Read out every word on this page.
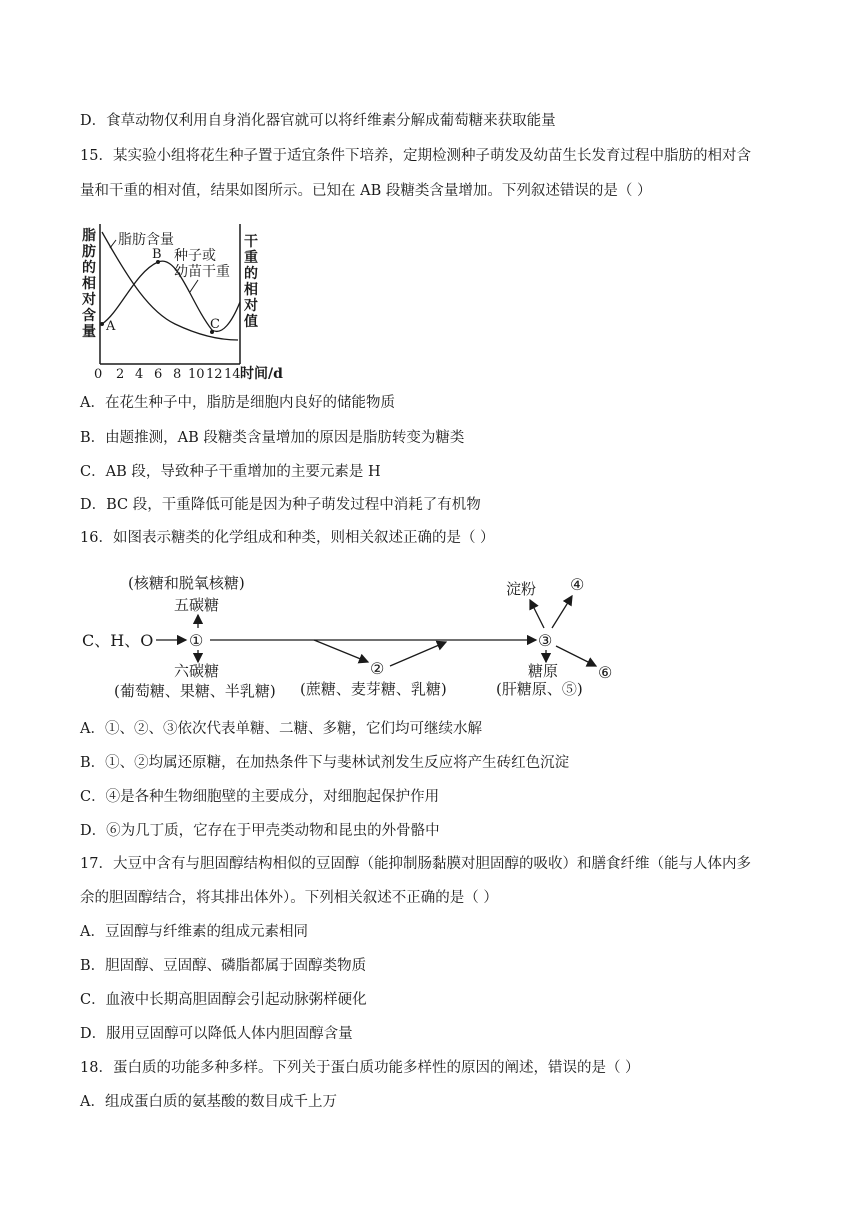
D．食草动物仅利用自身消化器官就可以将纤维素分解成葡萄糖来获取能量
15．某实验小组将花生种子置于适宜条件下培养，定期检测种子萌发及幼苗生长发育过程中脂肪的相对含
量和干重的相对值，结果如图所示。已知在 AB 段糖类含量增加。下列叙述错误的是（ ）
脂
肪
的
相
对
含
量
干
重
的
相
对
值
脂肪含量
种子或
幼苗干重
A
B
C
0 2 4 6 8 10 12 14 时间/d
A．在花生种子中，脂肪是细胞内良好的储能物质
B．由题推测，AB 段糖类含量增加的原因是脂肪转变为糖类
C．AB 段，导致种子干重增加的主要元素是 H
D．BC 段，干重降低可能是因为种子萌发过程中消耗了有机物
16．如图表示糖类的化学组成和种类，则相关叙述正确的是（ ）
(核糖和脱氧核糖)
五碳糖
C、H、O ①
六碳糖
(葡萄糖、果糖、半乳糖)
②
(蔗糖、麦芽糖、乳糖)
③
淀粉 ④
糖原
(肝糖原、⑤)
⑥
A．①、②、③依次代表单糖、二糖、多糖，它们均可继续水解
B．①、②均属还原糖，在加热条件下与斐林试剂发生反应将产生砖红色沉淀
C．④是各种生物细胞壁的主要成分，对细胞起保护作用
D．⑥为几丁质，它存在于甲壳类动物和昆虫的外骨骼中
17．大豆中含有与胆固醇结构相似的豆固醇（能抑制肠黏膜对胆固醇的吸收）和膳食纤维（能与人体内多
余的胆固醇结合，将其排出体外）。下列相关叙述不正确的是（ ）
A．豆固醇与纤维素的组成元素相同
B．胆固醇、豆固醇、磷脂都属于固醇类物质
C．血液中长期高胆固醇会引起动脉粥样硬化
D．服用豆固醇可以降低人体内胆固醇含量
18．蛋白质的功能多种多样。下列关于蛋白质功能多样性的原因的阐述，错误的是（ ）
A．组成蛋白质的氨基酸的数目成千上万
